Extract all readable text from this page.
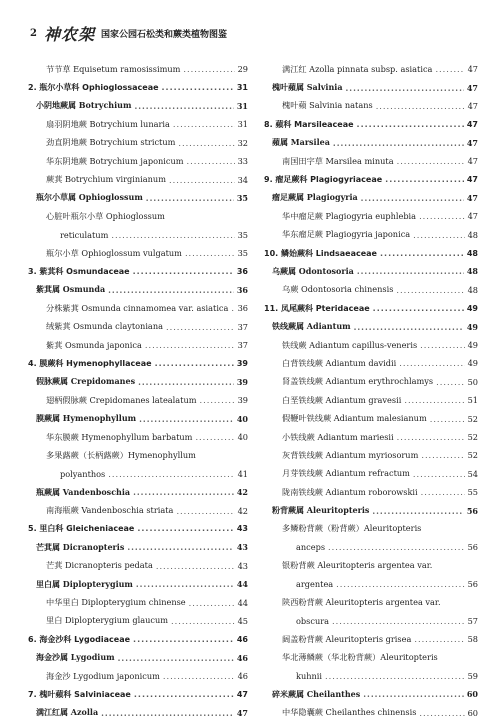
2 神农架 国家公园石松类和蕨类植物图鉴
节节草 Equisetum ramosissimum .....	29
2. 瓶尔小草科 Ophioglossaceae .....	31
小阴地蕨属 Botrychium .....	31
扇羽阴地蕨 Botrychium lunaria .....	31
劲直阴地蕨 Botrychium strictum .....	32
华东阴地蕨 Botrychium japonicum .....	33
蕨萁 Botrychium virginianum .....	34
瓶尔小草属 Ophioglossum .....	35
心脏叶瓶尔小草 Ophioglossum
reticulatum .....	35
瓶尔小草 Ophioglossum vulgatum .....	35
3. 紫萁科 Osmundaceae .....	36
紫萁属 Osmunda .....	36
分株紫萁 Osmunda cinnamomea var. asiatica ..... 36
绒紫萁 Osmunda claytoniana .....	37
紫萁 Osmunda japonica .....	37
4. 膜蕨科 Hymenophyllaceae .....	39
假脉蕨属 Crepidomanes .....	39
翅柄假脉蕨 Crepidomanes latealatum .....	39
膜蕨属 Hymenophyllum .....	40
华东膜蕨 Hymenophyllum barbatum .....	40
多果蕗蕨（长柄蕗蕨）Hymenophyllum
polyanthos .....	41
瓶蕨属 Vandenboschia .....	42
南海瓶蕨 Vandenboschia striata .....	42
5. 里白科 Gleicheniaceae .....	43
芒萁属 Dicranopteris .....	43
芒萁 Dicranopteris pedata .....	43
里白属 Diplopterygium .....	44
中华里白 Diplopterygium chinense .....	44
里白 Diplopterygium glaucum .....	45
6. 海金沙科 Lygodiaceae .....	46
海金沙属 Lygodium .....	46
海金沙 Lygodium japonicum .....	46
7. 槐叶蘋科 Salviniaceae .....	47
满江红属 Azolla .....	47
满江红 Azolla pinnata subsp. asiatica .....	47
槐叶蘋属 Salvinia .....	47
槐叶蘋 Salvinia natans .....	47
8. 蘋科 Marsileaceae .....	47
蘋属 Marsilea .....	47
南国田字草 Marsilea minuta .....	47
9. 瘤足蕨科 Plagiogyriaceae .....	47
瘤足蕨属 Plagiogyria .....	47
华中瘤足蕨 Plagiogyria euphlebia .....	47
华东瘤足蕨 Plagiogyria japonica .....	48
10. 鳞始蕨科 Lindsaeaceae .....	48
乌蕨属 Odontosoria .....	48
乌蕨 Odontosoria chinensis .....	48
11. 凤尾蕨科 Pteridaceae .....	49
铁线蕨属 Adiantum .....	49
铁线蕨 Adiantum capillus-veneris .....	49
白背铁线蕨 Adiantum davidii .....	49
肾盖铁线蕨 Adiantum erythrochlamys .....	50
白垩铁线蕨 Adiantum gravesii .....	51
假鞭叶铁线蕨 Adiantum malesianum .....	52
小铁线蕨 Adiantum mariesii .....	52
灰背铁线蕨 Adiantum myriosorum .....	52
月芽铁线蕨 Adiantum refractum .....	54
陇南铁线蕨 Adiantum roborowskii .....	55
粉背蕨属 Aleuritopteris .....	56
多鳞粉背蕨（粉背蕨）Aleuritopteris
anceps .....	56
银粉背蕨 Aleuritopteris argentea var.
argentea .....	56
陕西粉背蕨 Aleuritopteris argentea var.
obscura .....	57
阔盖粉背蕨 Aleuritopteris grisea .....	58
华北薄鳞蕨（华北粉背蕨）Aleuritopteris
kuhnii .....	59
碎米蕨属 Cheilanthes .....	60
中华隐囊蕨 Cheilanthes chinensis .....	60
